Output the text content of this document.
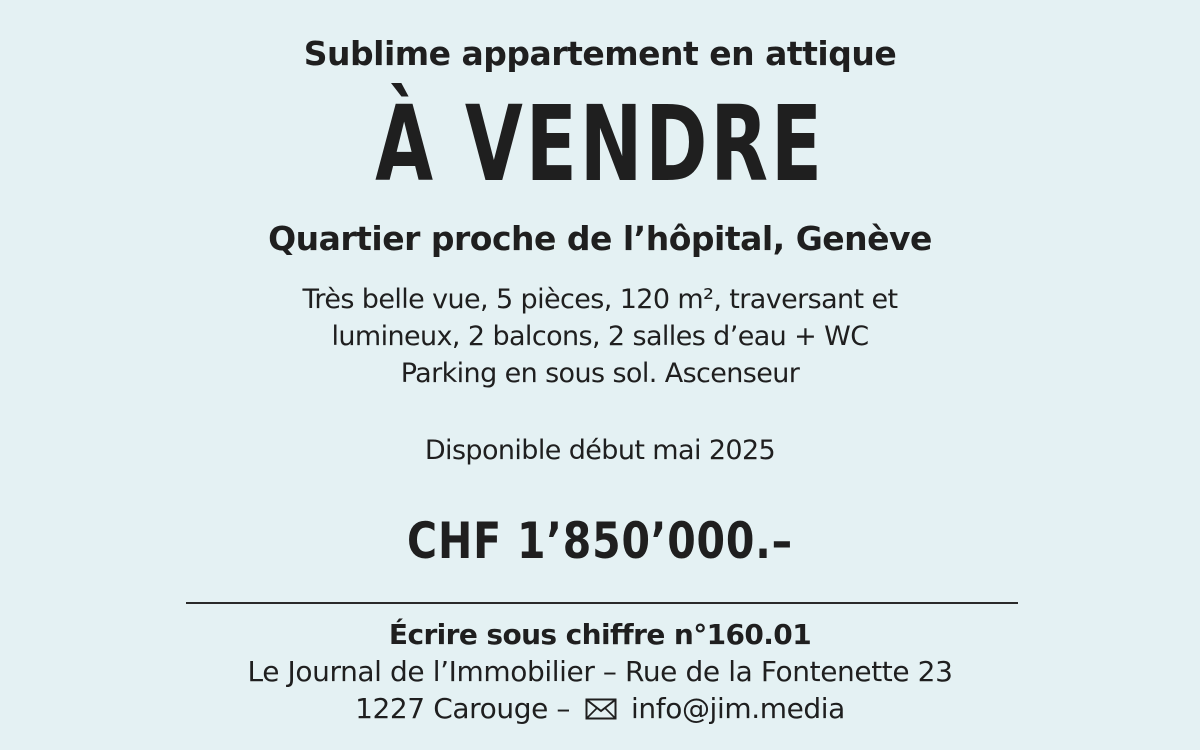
Sublime appartement en attique
À VENDRE
Quartier proche de l’hôpital, Genève
Très belle vue, 5 pièces, 120 m², traversant et
lumineux, 2 balcons, 2 salles d’eau + WC
Parking en sous sol. Ascenseur
Disponible début mai 2025
CHF 1’850’000.–
Écrire sous chiffre n°160.01
Le Journal de l’Immobilier – Rue de la Fontenette 23
1227 Carouge – info@jim.media
